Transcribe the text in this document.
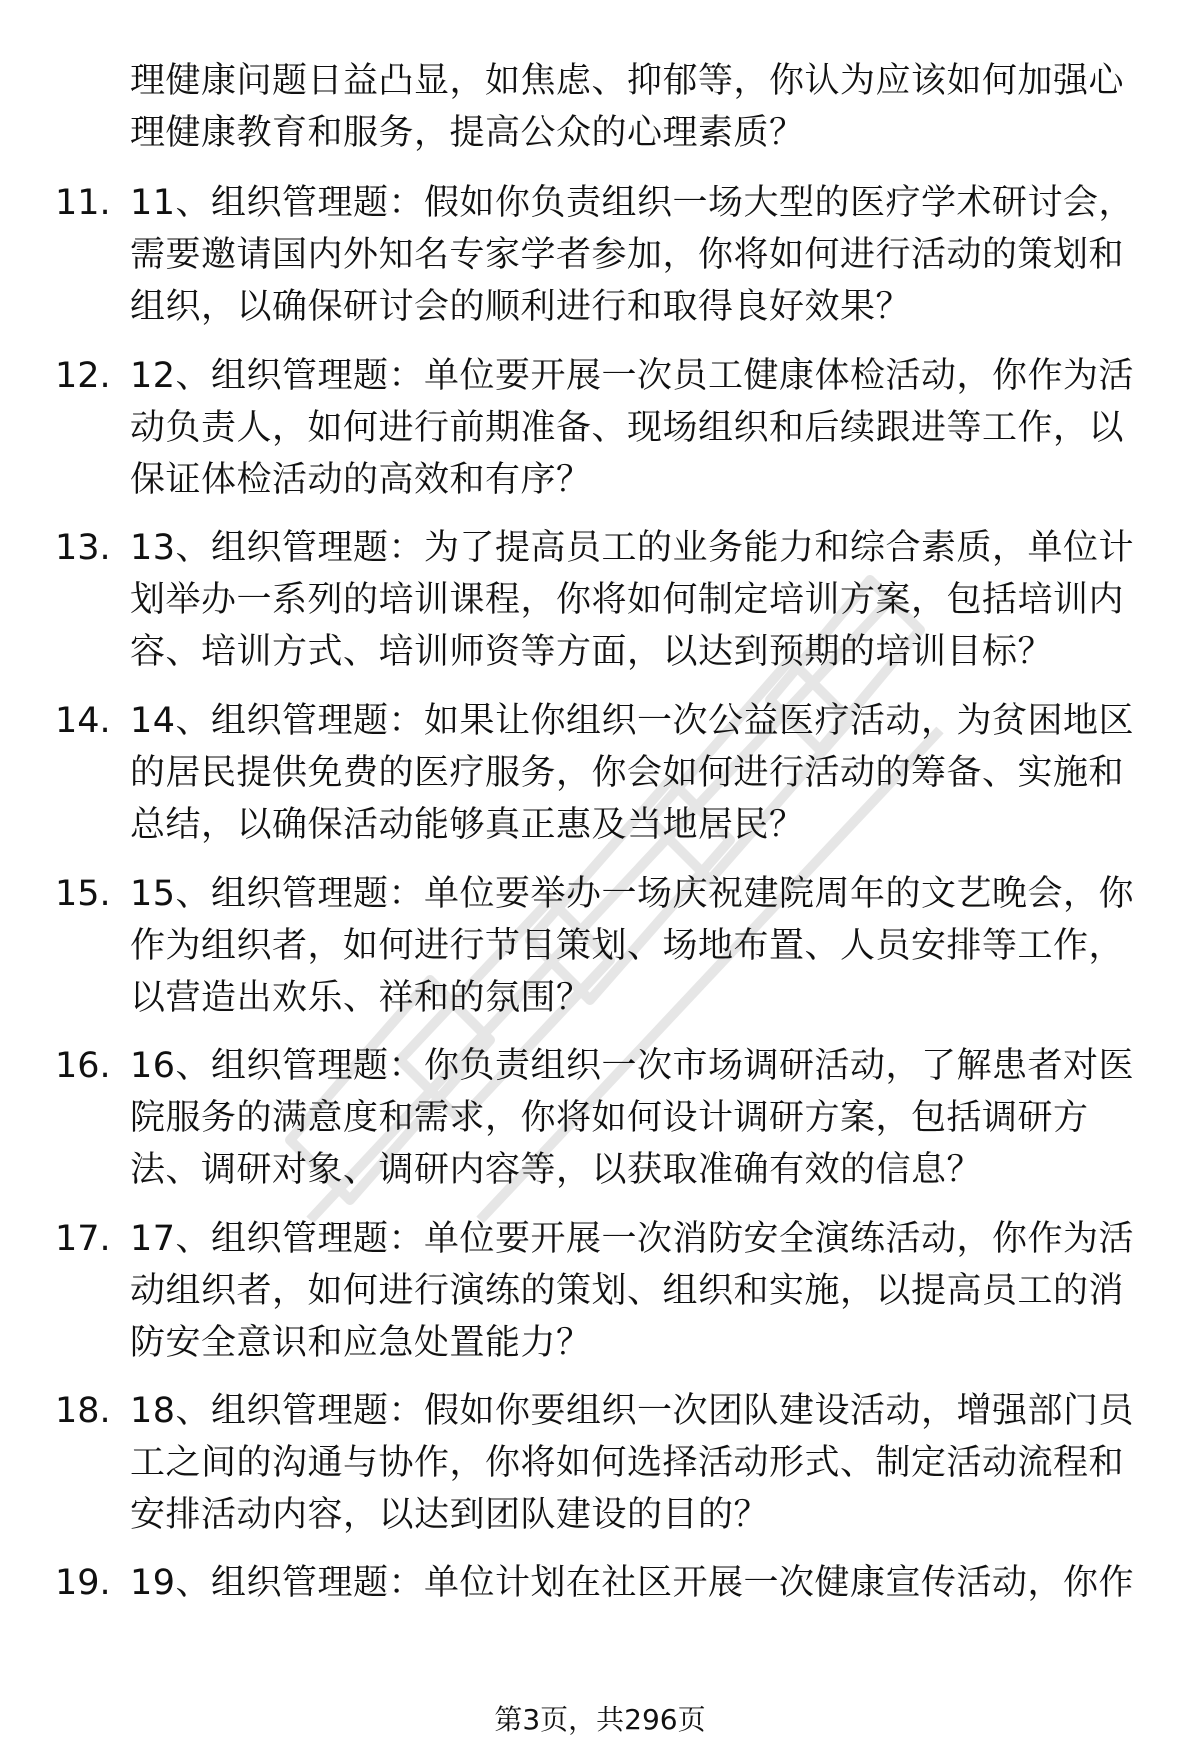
理健康问题日益凸显，如焦虑、抑郁等，你认为应该如何加强心
理健康教育和服务，提高公众的心理素质？
11. 11、组织管理题：假如你负责组织一场大型的医疗学术研讨会，
需要邀请国内外知名专家学者参加，你将如何进行活动的策划和
组织，以确保研讨会的顺利进行和取得良好效果？
12. 12、组织管理题：单位要开展一次员工健康体检活动，你作为活
动负责人，如何进行前期准备、现场组织和后续跟进等工作，以
保证体检活动的高效和有序？
13. 13、组织管理题：为了提高员工的业务能力和综合素质，单位计
划举办一系列的培训课程，你将如何制定培训方案，包括培训内
容、培训方式、培训师资等方面，以达到预期的培训目标？
14. 14、组织管理题：如果让你组织一次公益医疗活动，为贫困地区
的居民提供免费的医疗服务，你会如何进行活动的筹备、实施和
总结，以确保活动能够真正惠及当地居民？
15. 15、组织管理题：单位要举办一场庆祝建院周年的文艺晚会，你
作为组织者，如何进行节目策划、场地布置、人员安排等工作，
以营造出欢乐、祥和的氛围？
16. 16、组织管理题：你负责组织一次市场调研活动，了解患者对医
院服务的满意度和需求，你将如何设计调研方案，包括调研方
法、调研对象、调研内容等，以获取准确有效的信息？
17. 17、组织管理题：单位要开展一次消防安全演练活动，你作为活
动组织者，如何进行演练的策划、组织和实施，以提高员工的消
防安全意识和应急处置能力？
18. 18、组织管理题：假如你要组织一次团队建设活动，增强部门员
工之间的沟通与协作，你将如何选择活动形式、制定活动流程和
安排活动内容，以达到团队建设的目的？
19. 19、组织管理题：单位计划在社区开展一次健康宣传活动，你作
第3页，共296页
